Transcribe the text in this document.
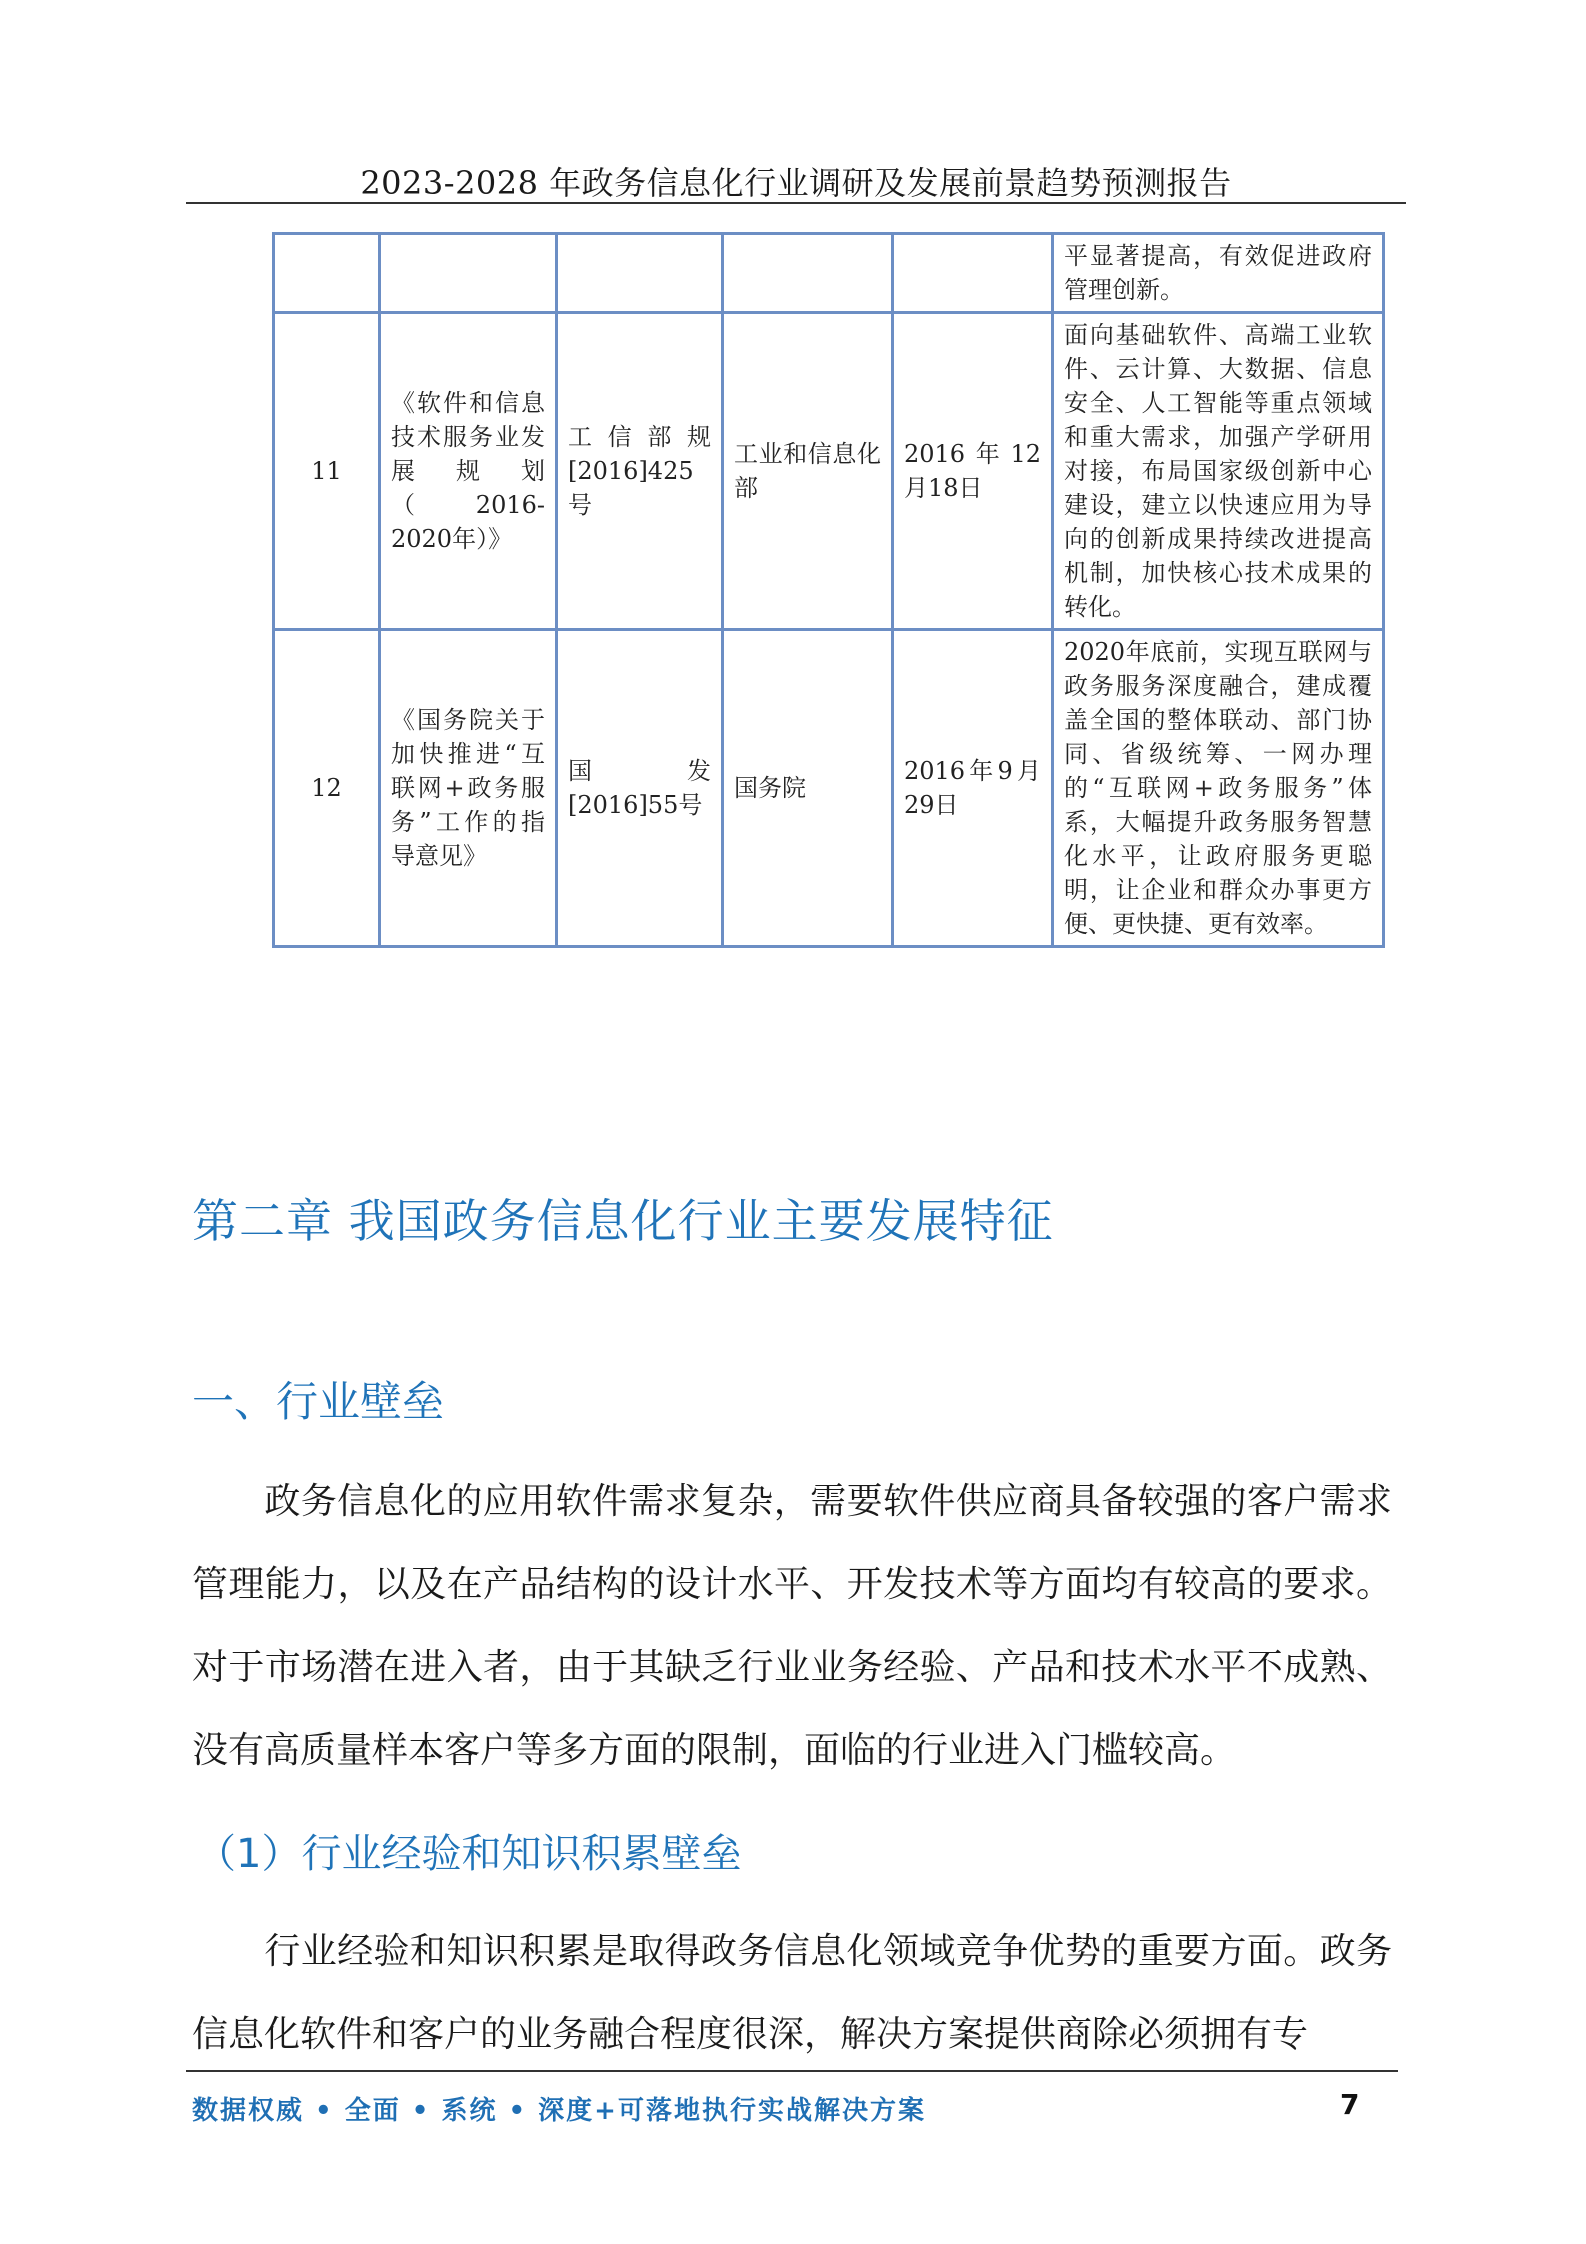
2023-2028 年政务信息化行业调研及发展前景趋势预测报告
					平显著提高，有效促进政府管理创新。
11	《软件和信息技术服务业发展规划（2016-2020年）》	工信部规[2016]425号	工业和信息化部	2016年12月18日	面向基础软件、高端工业软件、云计算、大数据、信息安全、人工智能等重点领域和重大需求，加强产学研用对接，布局国家级创新中心建设，建立以快速应用为导向的创新成果持续改进提高机制，加快核心技术成果的转化。
12	《国务院关于加快推进“互联网+政务服务”工作的指导意见》	国发[2016]55号	国务院	2016年9月29日	2020年底前，实现互联网与政务服务深度融合，建成覆盖全国的整体联动、部门协同、省级统筹、一网办理的“互联网+政务服务”体系，大幅提升政务服务智慧化水平，让政府服务更聪明，让企业和群众办事更方便、更快捷、更有效率。
第二章 我国政务信息化行业主要发展特征
一、行业壁垒
政务信息化的应用软件需求复杂，需要软件供应商具备较强的客户需求管理能力，以及在产品结构的设计水平、开发技术等方面均有较高的要求。对于市场潜在进入者，由于其缺乏行业业务经验、产品和技术水平不成熟、没有高质量样本客户等多方面的限制，面临的行业进入门槛较高。
（1）行业经验和知识积累壁垒
行业经验和知识积累是取得政务信息化领域竞争优势的重要方面。政务信息化软件和客户的业务融合程度很深，解决方案提供商除必须拥有专
数据权威 • 全面 • 系统 • 深度+可落地执行实战解决方案	7
